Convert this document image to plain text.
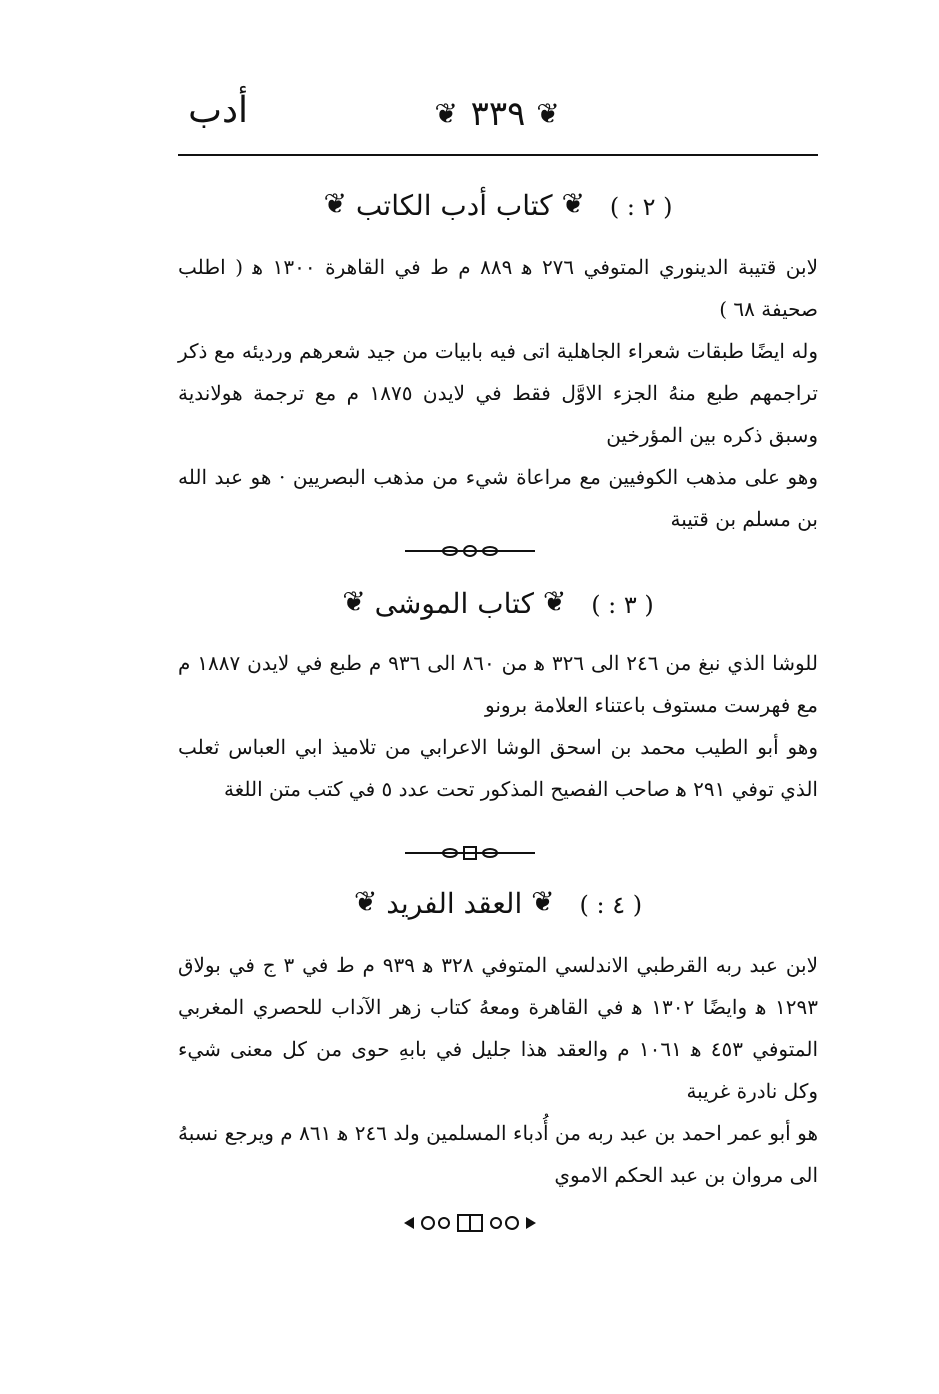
أدب	❦ ٣٣٩ ❦
( ٢ : ) ❦ كتاب أدب الكاتب ❦

لابن قتيبة الدينوري المتوفي ٢٧٦ ﻫ ٨٨٩ م ط في القاهرة ١٣٠٠ ﻫ ( اطلب صحيفة ٦٨ )

وله ايضًا طبقات شعراء الجاهلية اتى فيه بابيات من جيد شعرهم ورديئه مع ذكر تراجمهم طبع منهُ الجزء الاوَّل فقط في لايدن ١٨٧٥ م مع ترجمة هولاندية وسبق ذكره بين المؤرخين

وهو على مذهب الكوفيين مع مراعاة شيء من مذهب البصريين · هو عبد الله بن مسلم بن قتيبة

( ٣ : ) ❦ كتاب الموشى ❦

للوشا الذي نبغ من ٢٤٦ الى ٣٢٦ ﻫ من ٨٦٠ الى ٩٣٦ م طبع في لايدن ١٨٨٧ م مع فهرست مستوف باعتناء العلامة برونو

وهو أبو الطيب محمد بن اسحق الوشا الاعرابي من تلاميذ ابي العباس ثعلب الذي توفي ٢٩١ ﻫ صاحب الفصيح المذكور تحت عدد ٥ في كتب متن اللغة

( ٤ : ) ❦ العقد الفريد ❦

لابن عبد ربه القرطبي الاندلسي المتوفي ٣٢٨ ﻫ ٩٣٩ م ط في ٣ ج في بولاق ١٢٩٣ ﻫ وايضًا ١٣٠٢ ﻫ في القاهرة ومعهُ كتاب زهر الآداب للحصري المغربي المتوفي ٤٥٣ ﻫ ١٠٦١ م والعقد هذا جليل في بابهِ حوى من كل معنى شيء وكل نادرة غريبة

هو أبو عمر احمد بن عبد ربه من أُدباء المسلمين ولد ٢٤٦ ﻫ ٨٦١ م ويرجع نسبهُ الى مروان بن عبد الحكم الاموي
